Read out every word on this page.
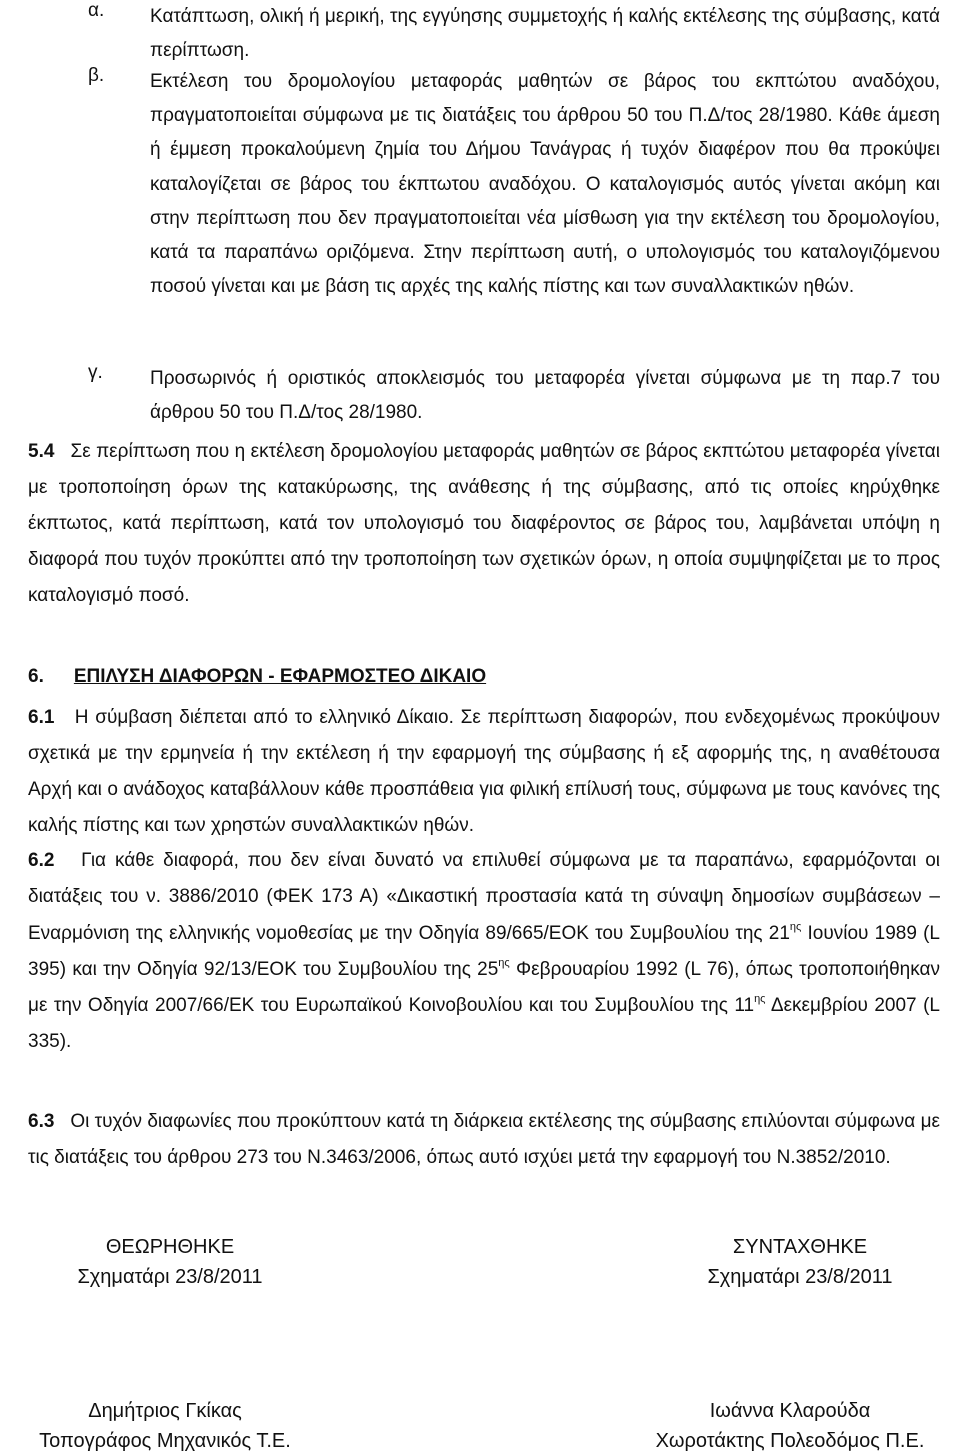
α. Κατάπτωση, ολική ή μερική, της εγγύησης συμμετοχής ή καλής εκτέλεσης της σύμβασης, κατά περίπτωση.

β. Εκτέλεση του δρομολογίου μεταφοράς μαθητών σε βάρος του εκπτώτου αναδόχου, πραγματοποιείται σύμφωνα με τις διατάξεις του άρθρου 50 του Π.Δ/τος 28/1980. Κάθε άμεση ή έμμεση προκαλούμενη ζημία του Δήμου Τανάγρας ή τυχόν διαφέρον που θα προκύψει καταλογίζεται σε βάρος του έκπτωτου αναδόχου. Ο καταλογισμός αυτός γίνεται ακόμη και στην περίπτωση που δεν πραγματοποιείται νέα μίσθωση για την εκτέλεση του δρομολογίου, κατά τα παραπάνω οριζόμενα. Στην περίπτωση αυτή, ο υπολογισμός του καταλογιζόμενου ποσού γίνεται και με βάση τις αρχές της καλής πίστης και των συναλλακτικών ηθών.

γ. Προσωρινός ή οριστικός αποκλεισμός του μεταφορέα γίνεται σύμφωνα με τη παρ.7 του άρθρου 50 του Π.Δ/τος 28/1980.

5.4 Σε περίπτωση που η εκτέλεση δρομολογίου μεταφοράς μαθητών σε βάρος εκπτώτου μεταφορέα γίνεται με τροποποίηση όρων της κατακύρωσης, της ανάθεσης ή της σύμβασης, από τις οποίες κηρύχθηκε έκπτωτος, κατά περίπτωση, κατά τον υπολογισμό του διαφέροντος σε βάρος του, λαμβάνεται υπόψη η διαφορά που τυχόν προκύπτει από την τροποποίηση των σχετικών όρων, η οποία συμψηφίζεται με το προς καταλογισμό ποσό.

6. ΕΠΙΛΥΣΗ ΔΙΑΦΟΡΩΝ - ΕΦΑΡΜΟΣΤΕΟ ΔΙΚΑΙΟ

6.1 Η σύμβαση διέπεται από το ελληνικό Δίκαιο. Σε περίπτωση διαφορών, που ενδεχομένως προκύψουν σχετικά με την ερμηνεία ή την εκτέλεση ή την εφαρμογή της σύμβασης ή εξ αφορμής της, η αναθέτουσα Αρχή και ο ανάδοχος καταβάλλουν κάθε προσπάθεια για φιλική επίλυσή τους, σύμφωνα με τους κανόνες της καλής πίστης και των χρηστών συναλλακτικών ηθών.

6.2 Για κάθε διαφορά, που δεν είναι δυνατό να επιλυθεί σύμφωνα με τα παραπάνω, εφαρμόζονται οι διατάξεις του ν. 3886/2010 (ΦΕΚ 173 Α) «Δικαστική προστασία κατά τη σύναψη δημοσίων συμβάσεων – Εναρμόνιση της ελληνικής νομοθεσίας με την Οδηγία 89/665/ΕΟΚ του Συμβουλίου της $21^{\eta\varsigma}$ Ιουνίου 1989 (L 395) και την Οδηγία 92/13/ΕΟΚ του Συμβουλίου της $25^{\eta\varsigma}$ Φεβρουαρίου 1992 (L 76), όπως τροποποιήθηκαν με την Οδηγία 2007/66/ΕΚ του Ευρωπαϊκού Κοινοβουλίου και του Συμβουλίου της $11^{\eta\varsigma}$ Δεκεμβρίου 2007 (L 335).

6.3 Οι τυχόν διαφωνίες που προκύπτουν κατά τη διάρκεια εκτέλεσης της σύμβασης επιλύονται σύμφωνα με τις διατάξεις του άρθρου 273 του Ν.3463/2006, όπως αυτό ισχύει μετά την εφαρμογή του Ν.3852/2010.

ΘΕΩΡΗΘΗΚΕ
Σχηματάρι 23/8/2011
ΣΥΝΤΑΧΘΗΚΕ
Σχηματάρι 23/8/2011
Δημήτριος Γκίκας
Τοπογράφος Μηχανικός Τ.Ε.
Ιωάννα Κλαρούδα
Χωροτάκτης Πολεοδόμος Π.Ε.
